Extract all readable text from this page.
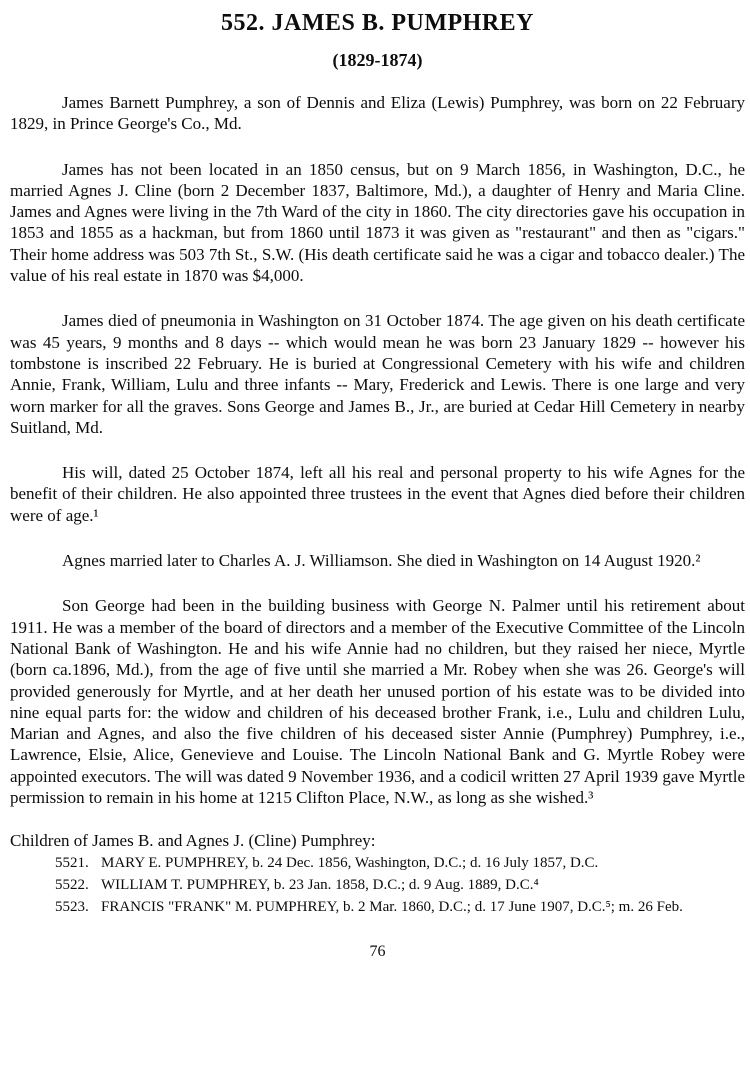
552. JAMES B. PUMPHREY
(1829-1874)

James Barnett Pumphrey, a son of Dennis and Eliza (Lewis) Pumphrey, was born on 22 February 1829, in Prince George's Co., Md.

James has not been located in an 1850 census, but on 9 March 1856, in Washington, D.C., he married Agnes J. Cline (born 2 December 1837, Baltimore, Md.), a daughter of Henry and Maria Cline. James and Agnes were living in the 7th Ward of the city in 1860. The city directories gave his occupation in 1853 and 1855 as a hackman, but from 1860 until 1873 it was given as "restaurant" and then as "cigars." Their home address was 503 7th St., S.W. (His death certificate said he was a cigar and tobacco dealer.) The value of his real estate in 1870 was $4,000.

James died of pneumonia in Washington on 31 October 1874. The age given on his death certificate was 45 years, 9 months and 8 days -- which would mean he was born 23 January 1829 -- however his tombstone is inscribed 22 February. He is buried at Congressional Cemetery with his wife and children Annie, Frank, William, Lulu and three infants -- Mary, Frederick and Lewis. There is one large and very worn marker for all the graves. Sons George and James B., Jr., are buried at Cedar Hill Cemetery in nearby Suitland, Md.

His will, dated 25 October 1874, left all his real and personal property to his wife Agnes for the benefit of their children. He also appointed three trustees in the event that Agnes died before their children were of age.¹

Agnes married later to Charles A. J. Williamson. She died in Washington on 14 August 1920.²

Son George had been in the building business with George N. Palmer until his retirement about 1911. He was a member of the board of directors and a member of the Executive Committee of the Lincoln National Bank of Washington. He and his wife Annie had no children, but they raised her niece, Myrtle (born ca.1896, Md.), from the age of five until she married a Mr. Robey when she was 26. George's will provided generously for Myrtle, and at her death her unused portion of his estate was to be divided into nine equal parts for: the widow and children of his deceased brother Frank, i.e., Lulu and children Lulu, Marian and Agnes, and also the five children of his deceased sister Annie (Pumphrey) Pumphrey, i.e., Lawrence, Elsie, Alice, Genevieve and Louise. The Lincoln National Bank and G. Myrtle Robey were appointed executors. The will was dated 9 November 1936, and a codicil written 27 April 1939 gave Myrtle permission to remain in his home at 1215 Clifton Place, N.W., as long as she wished.³

Children of James B. and Agnes J. (Cline) Pumphrey:
5521. MARY E. PUMPHREY, b. 24 Dec. 1856, Washington, D.C.; d. 16 July 1857, D.C.
5522. WILLIAM T. PUMPHREY, b. 23 Jan. 1858, D.C.; d. 9 Aug. 1889, D.C.⁴
5523. FRANCIS "FRANK" M. PUMPHREY, b. 2 Mar. 1860, D.C.; d. 17 June 1907, D.C.⁵; m. 26 Feb.
76
